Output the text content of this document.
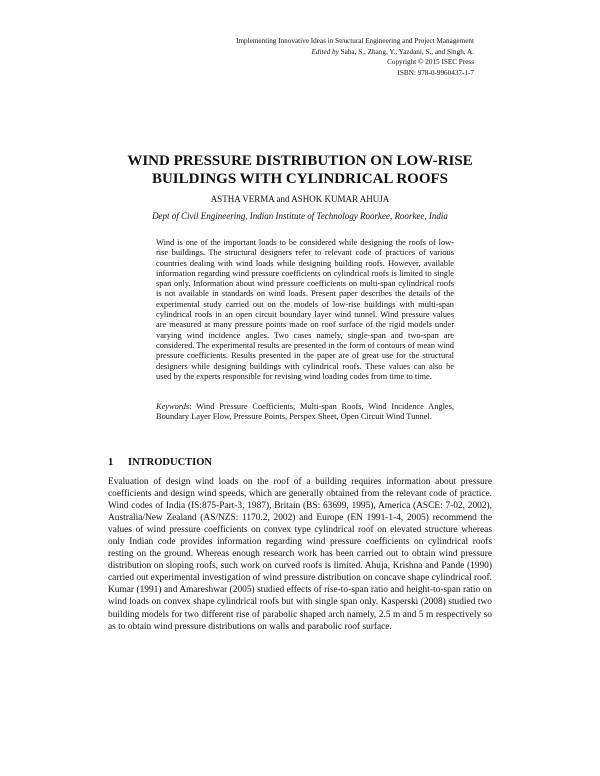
Implementing Innovative Ideas in Structural Engineering and Project Management
Edited by Saha, S., Zhang, Y., Yazdani, S., and Singh, A.
Copyright © 2015 ISEC Press
ISBN: 978-0-9960437-1-7
WIND PRESSURE DISTRIBUTION ON LOW-RISE
BUILDINGS WITH CYLINDRICAL ROOFS
ASTHA VERMA and ASHOK KUMAR AHUJA
Dept of Civil Engineering, Indian Institute of Technology Roorkee, Roorkee, India
Wind is one of the important loads to be considered while designing the roofs of low-rise buildings. The structural designers refer to relevant code of practices of various countries dealing with wind loads while designing building roofs. However, available information regarding wind pressure coefficients on cylindrical roofs is limited to single span only. Information about wind pressure coefficients on multi-span cylindrical roofs is not available in standards on wind loads. Present paper describes the details of the experimental study carried out on the models of low-rise buildings with multi-span cylindrical roofs in an open circuit boundary layer wind tunnel. Wind pressure values are measured at many pressure points made on roof surface of the rigid models under varying wind incidence angles. Two cases namely, single-span and two-span are considered. The experimental results are presented in the form of contours of mean wind pressure coefficients. Results presented in the paper are of great use for the structural designers while designing buildings with cylindrical roofs. These values can also be used by the experts responsible for revising wind loading codes from time to time.
Keywords: Wind Pressure Coefficients, Multi-span Roofs, Wind Incidence Angles, Boundary Layer Flow, Pressure Points, Perspex Sheet, Open Circuit Wind Tunnel.
1 INTRODUCTION
Evaluation of design wind loads on the roof of a building requires information about pressure coefficients and design wind speeds, which are generally obtained from the relevant code of practice. Wind codes of India (IS:875-Part-3, 1987), Britain (BS: 63699, 1995), America (ASCE: 7-02, 2002), Australia/New Zealand (AS/NZS: 1170.2, 2002) and Europe (EN 1991-1-4, 2005) recommend the values of wind pressure coefficients on convex type cylindrical roof on elevated structure whereas only Indian code provides information regarding wind pressure coefficients on cylindrical roofs resting on the ground. Whereas enough research work has been carried out to obtain wind pressure distribution on sloping roofs, such work on curved roofs is limited. Ahuja, Krishna and Pande (1990) carried out experimental investigation of wind pressure distribution on concave shape cylindrical roof. Kumar (1991) and Amareshwar (2005) studied effects of rise-to-span ratio and height-to-span ratio on wind loads on convex shape cylindrical roofs but with single span only. Kasperski (2008) studied two building models for two different rise of parabolic shaped arch namely, 2.5 m and 5 m respectively so as to obtain wind pressure distributions on walls and parabolic roof surface.
